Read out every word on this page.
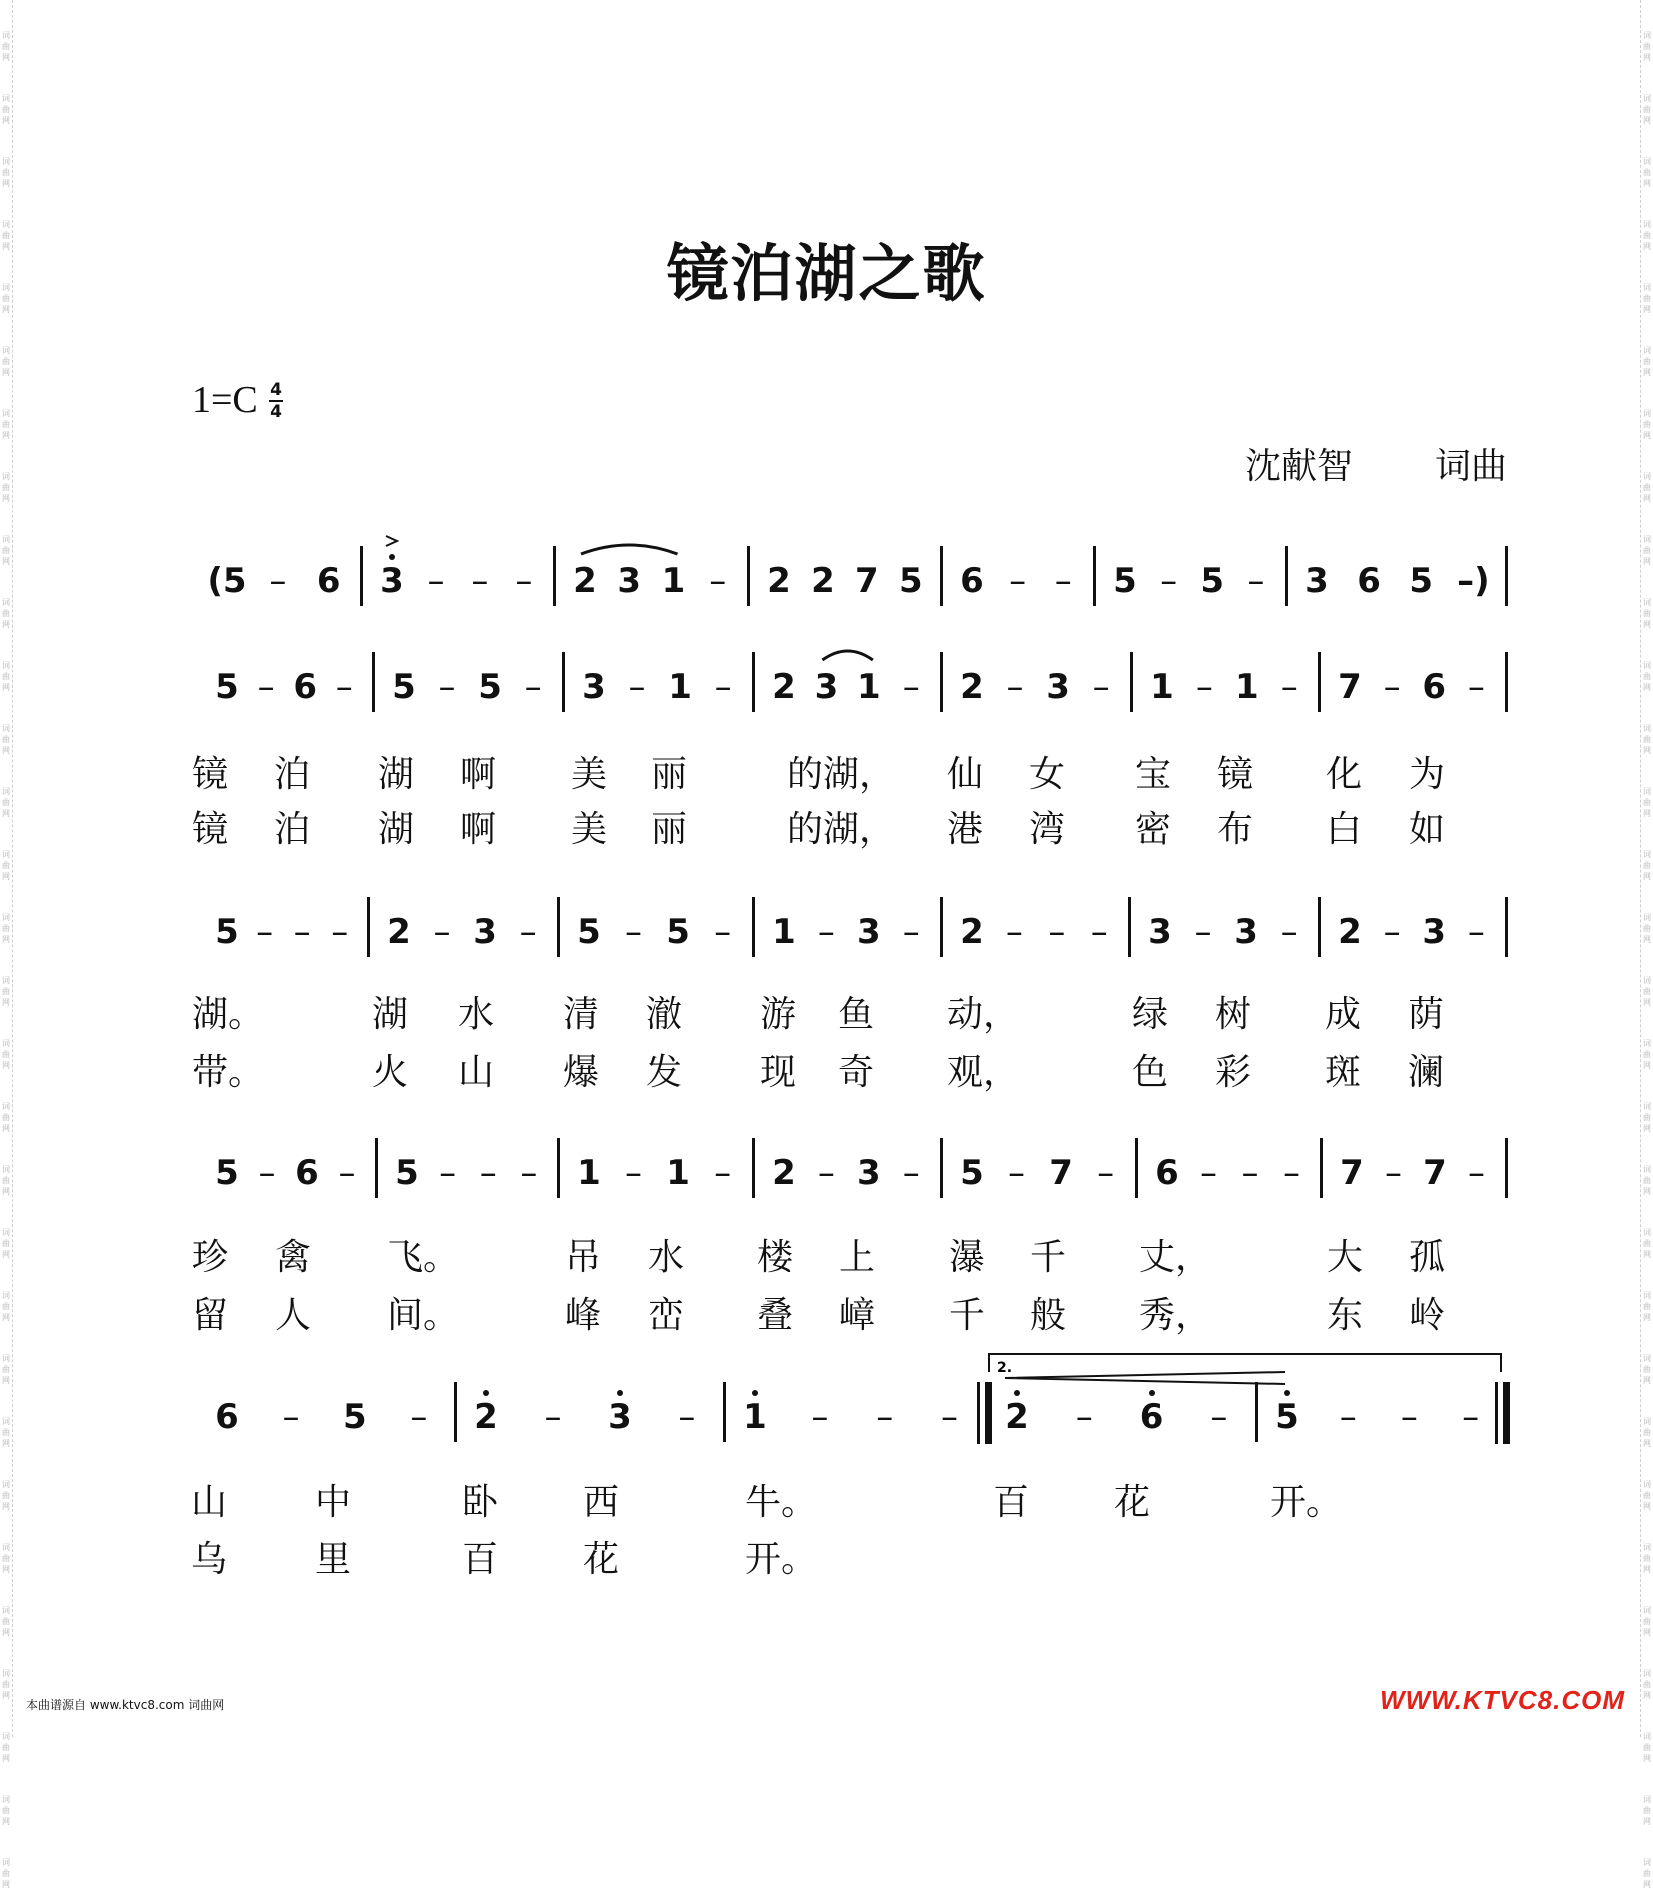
词
曲
网
词
曲
网
词
曲
网
词
曲
网
词
曲
网
词
曲
网
词
曲
网
词
曲
网
词
曲
网
词
曲
网
词
曲
网
词
曲
网
词
曲
网
词
曲
网
词
曲
网
词
曲
网
词
曲
网
词
曲
网
词
曲
网
词
曲
网
词
曲
网
词
曲
网
词
曲
网
词
曲
网
词
曲
网
词
曲
网
词
曲
网
词
曲
网
词
曲
网
词
曲
网
词
曲
网
词
曲
网
词
曲
网
词
曲
网
词
曲
网
词
曲
网
词
曲
网
词
曲
网
词
曲
网
词
曲
网
词
曲
网
词
曲
网
词
曲
网
词
曲
网
词
曲
网
词
曲
网
词
曲
网
词
曲
网
词
曲
网
词
曲
网
词
曲
网
词
曲
网
词
曲
网
词
曲
网
词
曲
网
词
曲
网
词
曲
网
词
曲
网
词
曲
网
词
曲
网
镜泊湖之歌
1=C 4
4
沈献智 词曲
(5 – 6 3 – – – 2 3 1 – 2 2 7 5 6 – – 5 – 5 – 3 6 5 –)
5 – 6 – 5 – 5 – 3 – 1 – 2 3 1 – 2 – 3 – 1 – 1 – 7 – 6 –
镜 泊 湖 啊 美 丽	的湖， 仙 女 宝 镜 化 为
镜 泊 湖 啊 美 丽	的湖， 港 湾 密 布 白 如
5 – – – 2 – 3 – 5 – 5 – 1 – 3 – 2 – – – 3 – 3 – 2 – 3 –
湖。	湖 水 清 澈 游 鱼 动，	绿 树 成 荫
带。	火 山 爆 发 现 奇 观，	色 彩 斑 澜
5 – 6 – 5 – – – 1 – 1 – 2 – 3 – 5 – 7 – 6 – – – 7 – 7 –
珍 禽 飞。	吊 水 楼 上 瀑 千 丈，	大 孤
留 人 间。	峰 峦 叠 嶂 千 般 秀，	东 岭
6 – 5 – 2 – 3 – 1 – – – 2 – 6 – 5 – – –
山 中	卧 西	牛。	百 花	开。
乌 里	百 花	开。
2.
本曲谱源自 www.ktvc8.com 词曲网	WWW.KTVC8.COM
